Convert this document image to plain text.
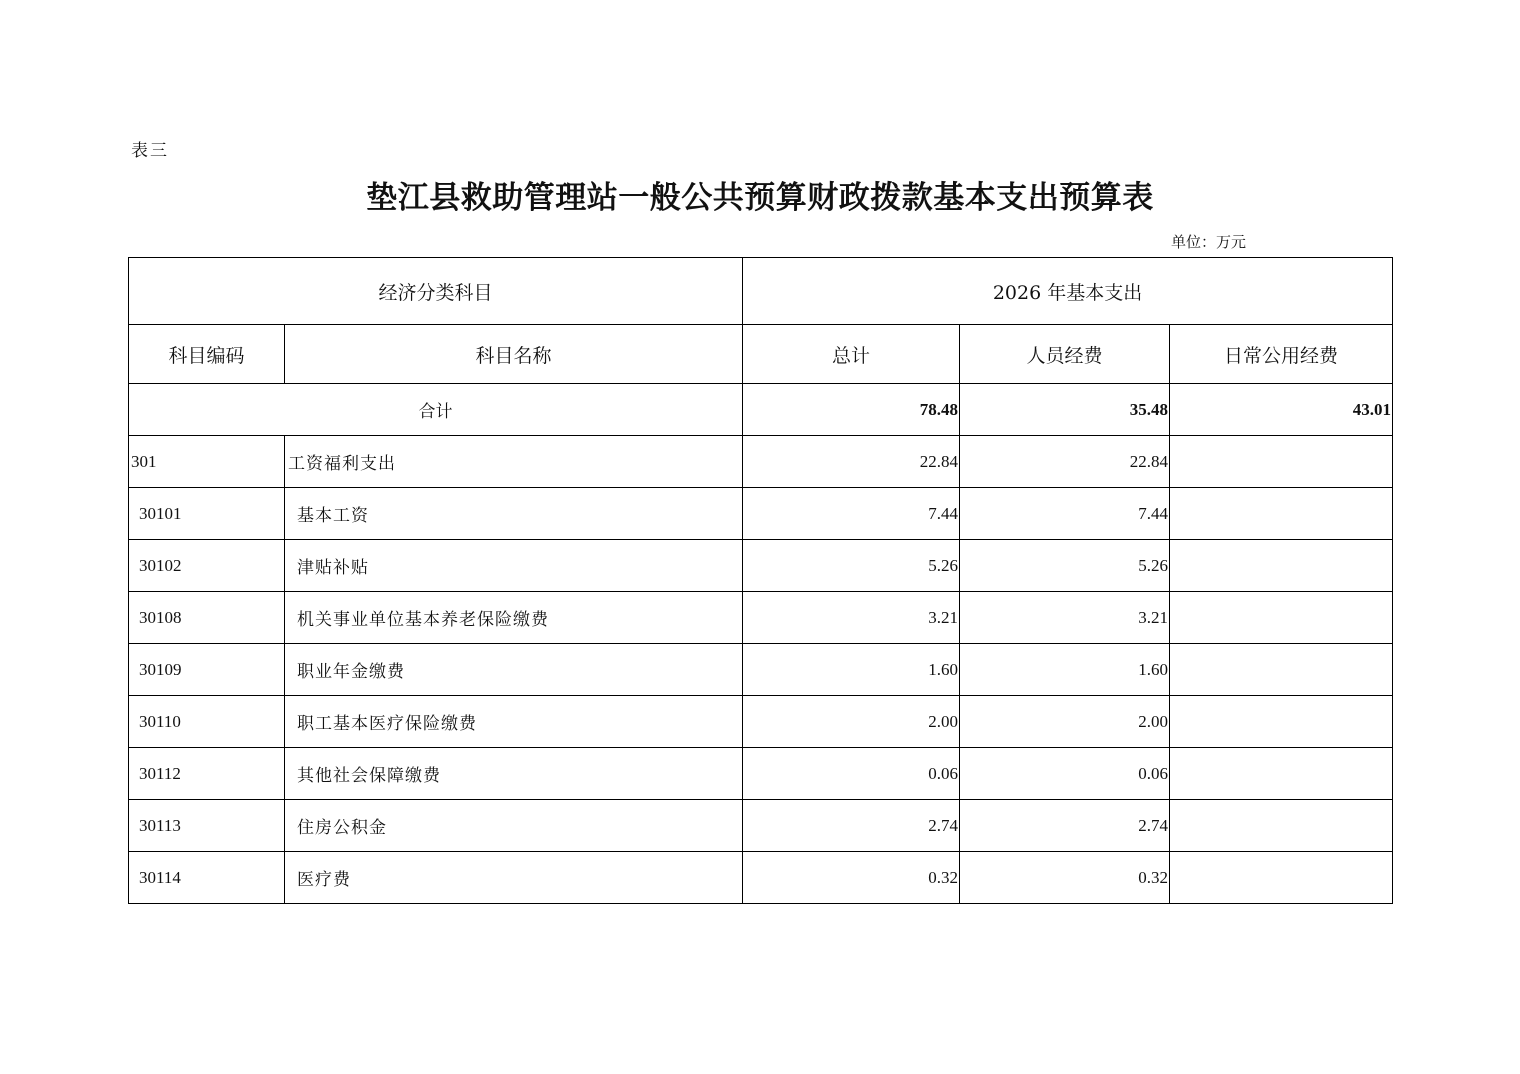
表三
垫江县救助管理站一般公共预算财政拨款基本支出预算表
单位：万元
经济分类科目		2026 年基本支出		
科目编码	科目名称	总计	人员经费	日常公用经费
合计		78.48	35.48	43.01
301	工资福利支出	22.84	22.84	
30101	基本工资	7.44	7.44	
30102	津贴补贴	5.26	5.26	
30108	机关事业单位基本养老保险缴费	3.21	3.21	
30109	职业年金缴费	1.60	1.60	
30110	职工基本医疗保险缴费	2.00	2.00	
30112	其他社会保障缴费	0.06	0.06	
30113	住房公积金	2.74	2.74	
30114	医疗费	0.32	0.32	
